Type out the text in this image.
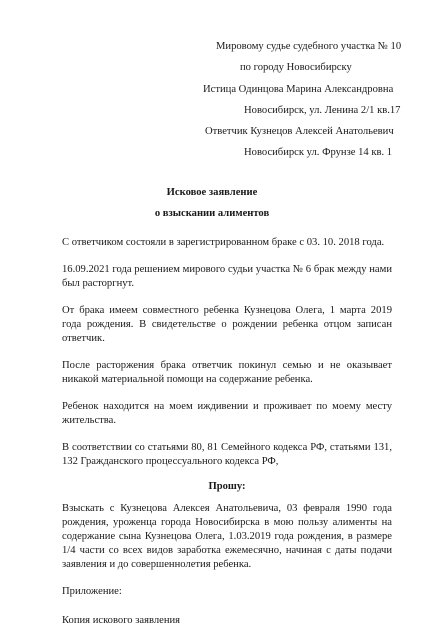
Мировому судье судебного участка № 10
по городу Новосибирску
Истица Одинцова Марина Александровна
Новосибирск, ул. Ленина 2/1 кв.17
Ответчик Кузнецов Алексей Анатольевич
Новосибирск ул. Фрунзе 14 кв. 1
Исковое заявление
о взыскании алиментов

С ответчиком состояли в зарегистрированном браке с 03. 10. 2018 года.

16.09.2021 года решением мирового судьи участка № 6 брак между нами был расторгнут.

От брака имеем совместного ребенка Кузнецова Олега, 1 марта 2019 года рождения. В свидетельстве о рождении ребенка отцом записан ответчик.

После расторжения брака ответчик покинул семью и не оказывает никакой материальной помощи на содержание ребенка.

Ребенок находится на моем иждивении и проживает по моему месту жительства.

В соответствии со статьями 80, 81 Семейного кодекса РФ, статьями 131, 132 Гражданского процессуального кодекса РФ,

Прошу:

Взыскать с Кузнецова Алексея Анатольевича, 03 февраля 1990 года рождения, уроженца города Новосибирска в мою пользу алименты на содержание сына Кузнецова Олега, 1.03.2019 года рождения, в размере 1/4 части со всех видов заработка ежемесячно, начиная с даты подачи заявления и до совершеннолетия ребенка.

Приложение:

Копия искового заявления
